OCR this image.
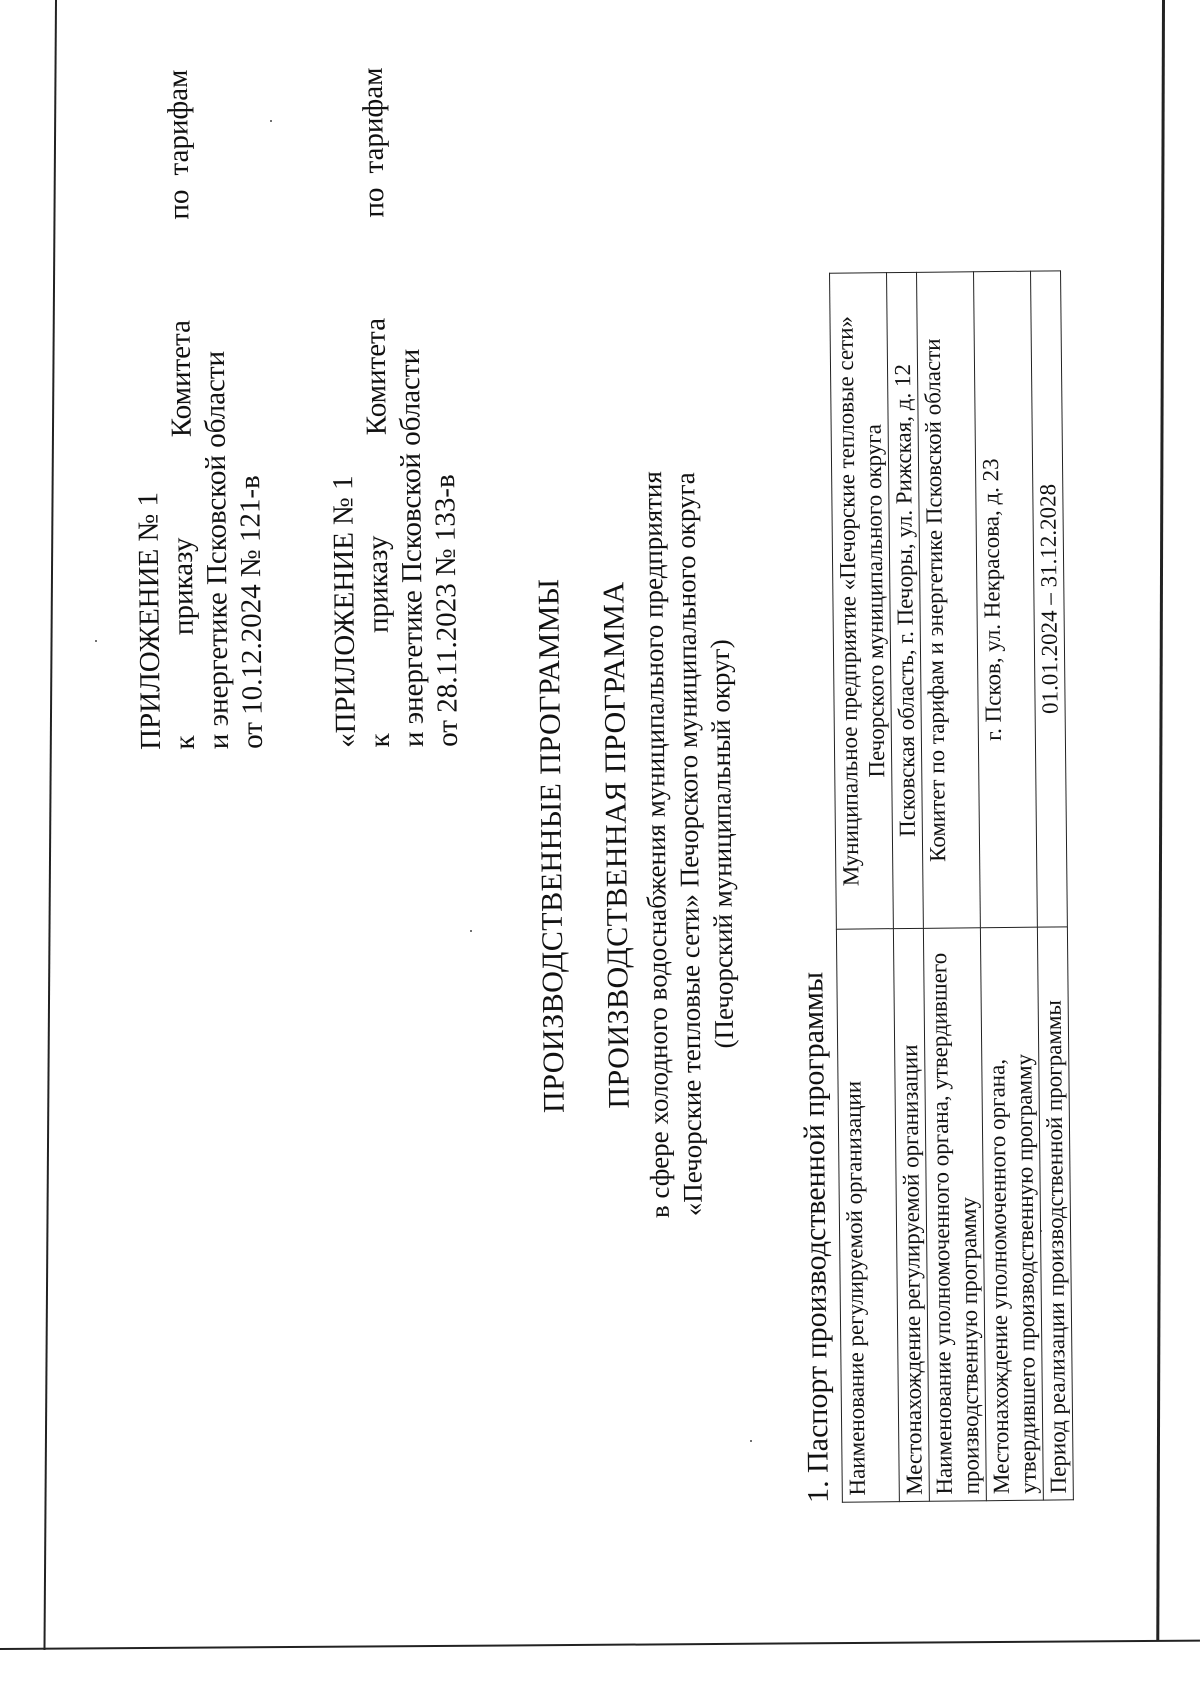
ПРИЛОЖЕНИЕ № 1 к
приказу
Комитета
по
тарифам
и энергетике Псковской области от 10.12.2024 № 121-в «ПРИЛОЖЕНИЕ № 1 к
приказу
Комитета
по
тарифам
и энергетике Псковской области от 28.11.2023 № 133-в ПРОИЗВОДСТВЕННЫЕ ПРОГРАММЫ ПРОИЗВОДСТВЕННАЯ ПРОГРАММА в сфере холодного водоснабжения муниципального предприятия
«Печорские тепловые сети» Печорского муниципального округа
(Печорский муниципальный округ)
1. Паспорт производственной программы Наименование регулируемой организации	Муниципальное предприятие «Печорские тепловые сети» Печорского муниципального округа
Местонахождение регулируемой организации	Псковская область, г. Печоры, ул. Рижская, д. 12
Наименование уполномоченного органа, утвердившего производственную программу	Комитет по тарифам и энергетике Псковской области
Местонахождение уполномоченного органа, утвердившего производственную программу	г. Псков, ул. Некрасова, д. 23
Период реализации производственной программы	01.01.2024 – 31.12.2028
